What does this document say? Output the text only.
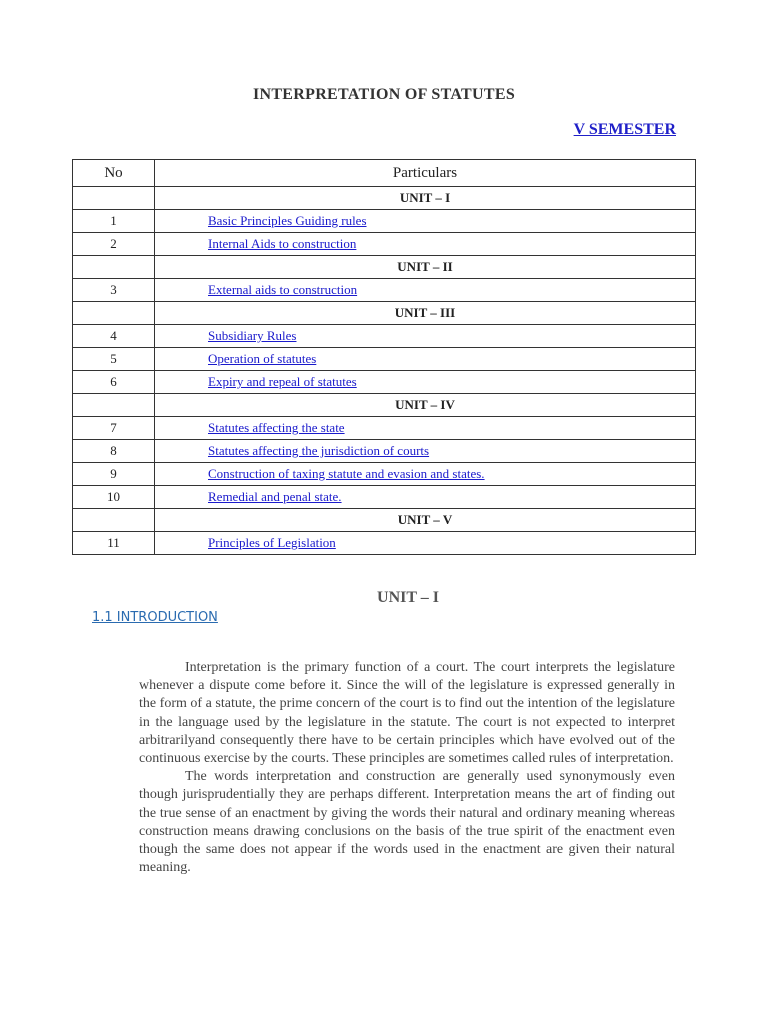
INTERPRETATION OF STATUTES
V SEMESTER
No	Particulars
	UNIT – I
1	Basic Principles Guiding rules
2	Internal Aids to construction
	UNIT – II
3	External aids to construction
	UNIT – III
4	Subsidiary Rules
5	Operation of statutes
6	Expiry and repeal of statutes
	UNIT – IV
7	Statutes affecting the state
8	Statutes affecting the jurisdiction of courts
9	Construction of taxing statute and evasion and states.
10	Remedial and penal state.
	UNIT – V
11	Principles of Legislation
UNIT – I
1.1 INTRODUCTION

Interpretation is the primary function of a court. The court interprets the legislature whenever a dispute come before it. Since the will of the legislature is expressed generally in the form of a statute, the prime concern of the court is to find out the intention of the legislature in the language used by the legislature in the statute. The court is not expected to interpret arbitrarilyand consequently there have to be certain principles which have evolved out of the continuous exercise by the courts. These principles are sometimes called rules of interpretation.

The words interpretation and construction are generally used synonymously even though jurisprudentially they are perhaps different. Interpretation means the art of finding out the true sense of an enactment by giving the words their natural and ordinary meaning whereas construction means drawing conclusions on the basis of the true spirit of the enactment even though the same does not appear if the words used in the enactment are given their natural meaning.
